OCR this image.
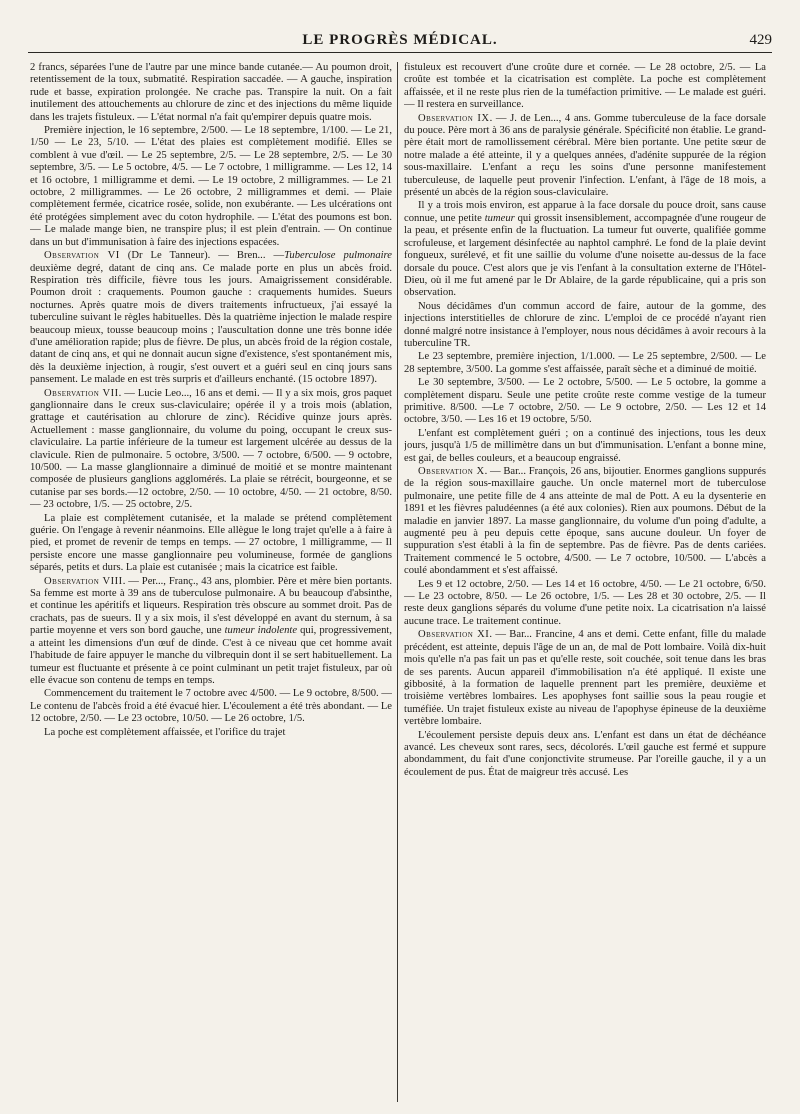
LE PROGRÈS MÉDICAL.	429

2 francs, séparées l'une de l'autre par une mince bande cutanée.— Au poumon droit, retentissement de la toux, submatité. Respiration saccadée. — A gauche, inspiration rude et basse, expiration prolongée. Ne crache pas. Transpire la nuit. On a fait inutilement des attouchements au chlorure de zinc et des injections du même liquide dans les trajets fistuleux. — L'état normal n'a fait qu'empirer depuis quatre mois.

Première injection, le 16 septembre, 2/500. — Le 18 septembre, 1/100. — Le 21, 1/50 — Le 23, 5/10. — L'état des plaies est complètement modifié. Elles se comblent à vue d'œil. — Le 25 septembre, 2/5. — Le 28 septembre, 2/5. — Le 30 septembre, 3/5. — Le 5 octobre, 4/5. — Le 7 octobre, 1 milligramme. — Les 12, 14 et 16 octobre, 1 milligramme et demi. — Le 19 octobre, 2 milligrammes. — Le 21 octobre, 2 milligrammes. — Le 26 octobre, 2 milligrammes et demi. — Plaie complètement fermée, cicatrice rosée, solide, non exubérante. — Les ulcérations ont été protégées simplement avec du coton hydrophile. — L'état des poumons est bon. — Le malade mange bien, ne transpire plus; il est plein d'entrain. — On continue dans un but d'immunisation à faire des injections espacées.

Observation VI (Dr Le Tanneur). — Bren... —Tuberculose pulmonaire deuxième degré, datant de cinq ans. Ce malade porte en plus un abcès froid. Respiration très difficile, fièvre tous les jours. Amaigrissement considérable. Poumon droit : craquements. Poumon gauche : craquements humides. Sueurs nocturnes. Après quatre mois de divers traitements infructueux, j'ai essayé la tuberculine suivant le règles habituelles. Dès la quatrième injection le malade respire beaucoup mieux, tousse beaucoup moins ; l'auscultation donne une très bonne idée d'une amélioration rapide; plus de fièvre. De plus, un abcès froid de la région costale, datant de cinq ans, et qui ne donnait aucun signe d'existence, s'est spontanément mis, dès la deuxième injection, à rougir, s'est ouvert et a guéri seul en cinq jours sans pansement. Le malade en est très surpris et d'ailleurs enchanté. (15 octobre 1897).

Observation VII. — Lucie Leo..., 16 ans et demi. — Il y a six mois, gros paquet ganglionnaire dans le creux sus-claviculaire; opérée il y a trois mois (ablation, grattage et cautérisation au chlorure de zinc). Récidive quinze jours après. Actuellement : masse ganglionnaire, du volume du poing, occupant le creux sus-claviculaire. La partie inférieure de la tumeur est largement ulcérée au dessus de la clavicule. Rien de pulmonaire. 5 octobre, 3/500. — 7 octobre, 6/500. — 9 octobre, 10/500. — La masse glanglionnaire a diminué de moitié et se montre maintenant composée de plusieurs ganglions agglomérés. La plaie se rétrécit, bourgeonne, et se cutanise par ses bords.—12 octobre, 2/50. — 10 octobre, 4/50. — 21 octobre, 8/50. — 23 octobre, 1/5. — 25 octobre, 2/5.

La plaie est complètement cutanisée, et la malade se prétend complètement guérie. On l'engage à revenir néanmoins. Elle allègue le long trajet qu'elle a à faire à pied, et promet de revenir de temps en temps. — 27 octobre, 1 milligramme, — Il persiste encore une masse ganglionnaire peu volumineuse, formée de ganglions séparés, petits et durs. La plaie est cutanisée ; mais la cicatrice est faible.

Observation VIII. — Per..., Franç., 43 ans, plombier. Père et mère bien portants. Sa femme est morte à 39 ans de tuberculose pulmonaire. A bu beaucoup d'absinthe, et continue les apéritifs et liqueurs. Respiration très obscure au sommet droit. Pas de crachats, pas de sueurs. Il y a six mois, il s'est développé en avant du sternum, à sa partie moyenne et vers son bord gauche, une tumeur indolente qui, progressivement, a atteint les dimensions d'un œuf de dinde. C'est à ce niveau que cet homme avait l'habitude de faire appuyer le manche du vilbrequin dont il se sert habituellement. La tumeur est fluctuante et présente à ce point culminant un petit trajet fistuleux, par où elle évacue son contenu de temps en temps.

Commencement du traitement le 7 octobre avec 4/500. — Le 9 octobre, 8/500. — Le contenu de l'abcès froid a été évacué hier. L'écoulement a été très abondant. — Le 12 octobre, 2/50. — Le 23 octobre, 10/50. — Le 26 octobre, 1/5.

La poche est complètement affaissée, et l'orifice du trajet

fistuleux est recouvert d'une croûte dure et cornée. — Le 28 octobre, 2/5. — La croûte est tombée et la cicatrisation est complète. La poche est complètement affaissée, et il ne reste plus rien de la tuméfaction primitive. — Le malade est guéri. — Il restera en surveillance.

Observation IX. — J. de Len..., 4 ans. Gomme tuberculeuse de la face dorsale du pouce. Père mort à 36 ans de paralysie générale. Spécificité non établie. Le grand-père était mort de ramollissement cérébral. Mère bien portante. Une petite sœur de notre malade a été atteinte, il y a quelques années, d'adénite suppurée de la région sous-maxillaire. L'enfant a reçu les soins d'une personne manifestement tuberculeuse, de laquelle peut provenir l'infection. L'enfant, à l'âge de 18 mois, a présenté un abcès de la région sous-claviculaire.

Il y a trois mois environ, est apparue à la face dorsale du pouce droit, sans cause connue, une petite tumeur qui grossit insensiblement, accompagnée d'une rougeur de la peau, et présente enfin de la fluctuation. La tumeur fut ouverte, qualifiée gomme scrofuleuse, et largement désinfectée au naphtol camphré. Le fond de la plaie devint fongueux, surélevé, et fit une saillie du volume d'une noisette au-dessus de la face dorsale du pouce. C'est alors que je vis l'enfant à la consultation externe de l'Hôtel-Dieu, où il me fut amené par le Dr Ablaire, de la garde républicaine, qui a pris son observation.

Nous décidâmes d'un commun accord de faire, autour de la gomme, des injections interstitielles de chlorure de zinc. L'emploi de ce procédé n'ayant rien donné malgré notre insistance à l'employer, nous nous décidâmes à avoir recours à la tuberculine TR.

Le 23 septembre, première injection, 1/1.000. — Le 25 septembre, 2/500. — Le 28 septembre, 3/500. La gomme s'est affaissée, paraît sèche et a diminué de moitié.

Le 30 septembre, 3/500. — Le 2 octobre, 5/500. — Le 5 octobre, la gomme a complètement disparu. Seule une petite croûte reste comme vestige de la tumeur primitive. 8/500. —Le 7 octobre, 2/50. — Le 9 octobre, 2/50. — Les 12 et 14 octobre, 3/50. — Les 16 et 19 octobre, 5/50.

L'enfant est complètement guéri ; on a continué des injections, tous les deux jours, jusqu'à 1/5 de millimètre dans un but d'immunisation. L'enfant a bonne mine, est gai, de belles couleurs, et a beaucoup engraissé.

Observation X. — Bar... François, 26 ans, bijoutier. Enormes ganglions suppurés de la région sous-maxillaire gauche. Un oncle maternel mort de tuberculose pulmonaire, une petite fille de 4 ans atteinte de mal de Pott. A eu la dysenterie en 1891 et les fièvres paludéennes (a été aux colonies). Rien aux poumons. Début de la maladie en janvier 1897. La masse ganglionnaire, du volume d'un poing d'adulte, a augmenté peu à peu depuis cette époque, sans aucune douleur. Un foyer de suppuration s'est établi à la fin de septembre. Pas de fièvre. Pas de dents cariées. Traitement commencé le 5 octobre, 4/500. — Le 7 octobre, 10/500. — L'abcès a coulé abondamment et s'est affaissé.

Les 9 et 12 octobre, 2/50. — Les 14 et 16 octobre, 4/50. — Le 21 octobre, 6/50. — Le 23 octobre, 8/50. — Le 26 octobre, 1/5. — Les 28 et 30 octobre, 2/5. — Il reste deux ganglions séparés du volume d'une petite noix. La cicatrisation n'a laissé aucune trace. Le traitement continue.

Observation XI. — Bar... Francine, 4 ans et demi. Cette enfant, fille du malade précédent, est atteinte, depuis l'âge de un an, de mal de Pott lombaire. Voilà dix-huit mois qu'elle n'a pas fait un pas et qu'elle reste, soit couchée, soit tenue dans les bras de ses parents. Aucun appareil d'immobilisation n'a été appliqué. Il existe une gibbosité, à la formation de laquelle prennent part les première, deuxième et troisième vertèbres lombaires. Les apophyses font saillie sous la peau rougie et tuméfiée. Un trajet fistuleux existe au niveau de l'apophyse épineuse de la deuxième vertèbre lombaire.

L'écoulement persiste depuis deux ans. L'enfant est dans un état de déchéance avancé. Les cheveux sont rares, secs, décolorés. L'œil gauche est fermé et suppure abondamment, du fait d'une conjonctivite strumeuse. Par l'oreille gauche, il y a un écoulement de pus. État de maigreur très accusé. Les
